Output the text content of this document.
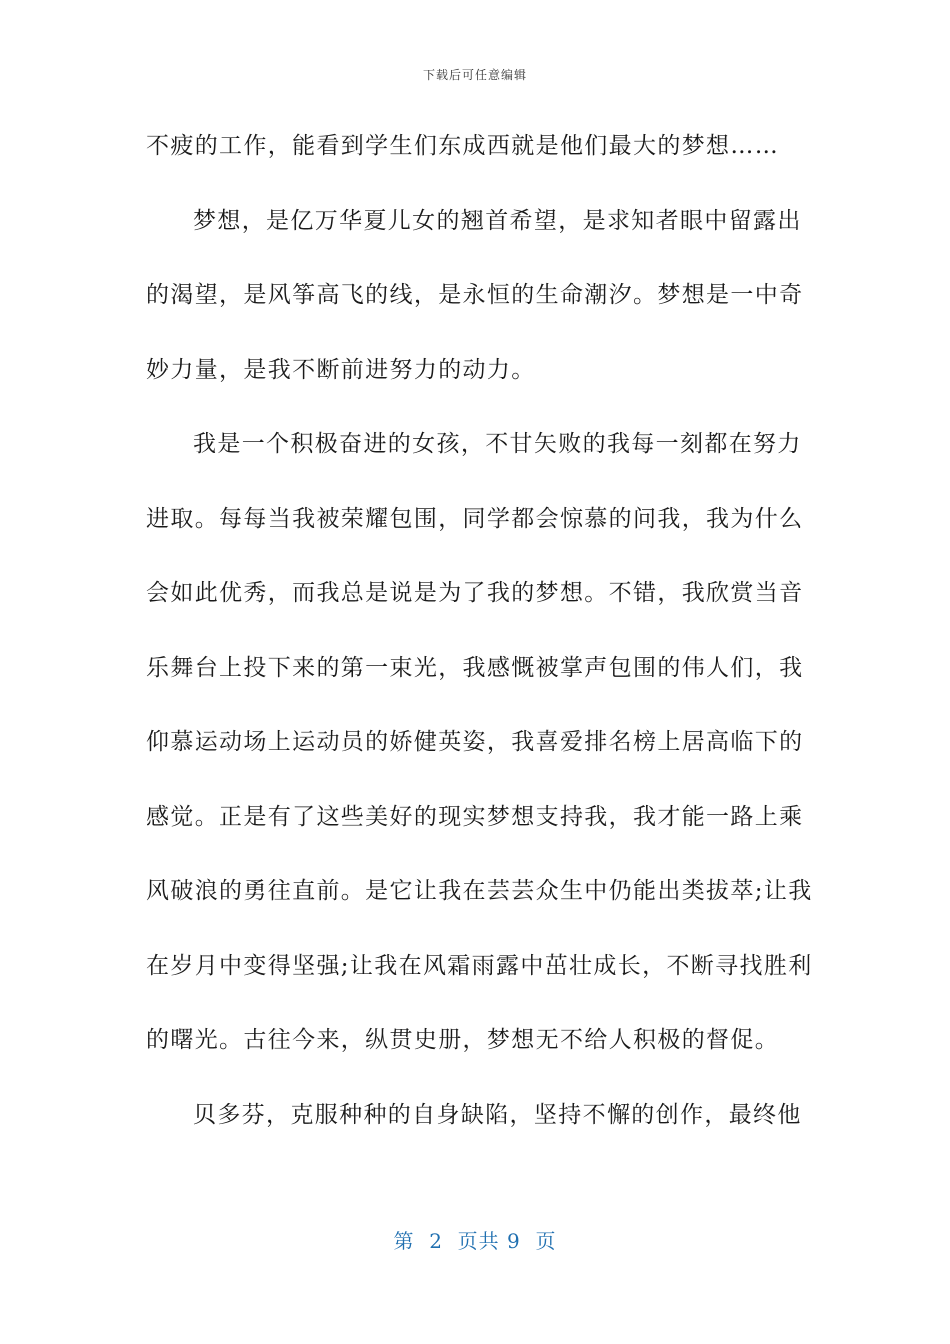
下载后可任意编辑
不疲的工作，能看到学生们东成西就是他们最大的梦想……
梦想，是亿万华夏儿女的翘首希望，是求知者眼中留露出
的渴望，是风筝高飞的线，是永恒的生命潮汐。梦想是一中奇
妙力量，是我不断前进努力的动力。
我是一个积极奋进的女孩，不甘矢败的我每一刻都在努力
进取。每每当我被荣耀包围，同学都会惊慕的问我，我为什么
会如此优秀，而我总是说是为了我的梦想。不错，我欣赏当音
乐舞台上投下来的第一束光，我感慨被掌声包围的伟人们，我
仰慕运动场上运动员的娇健英姿，我喜爱排名榜上居高临下的
感觉。正是有了这些美好的现实梦想支持我，我才能一路上乘
风破浪的勇往直前。是它让我在芸芸众生中仍能出类拔萃;让我
在岁月中变得坚强;让我在风霜雨露中茁壮成长，不断寻找胜利
的曙光。古往今来，纵贯史册，梦想无不给人积极的督促。
贝多芬，克服种种的自身缺陷，坚持不懈的创作，最终他
第  2  页共 9  页
